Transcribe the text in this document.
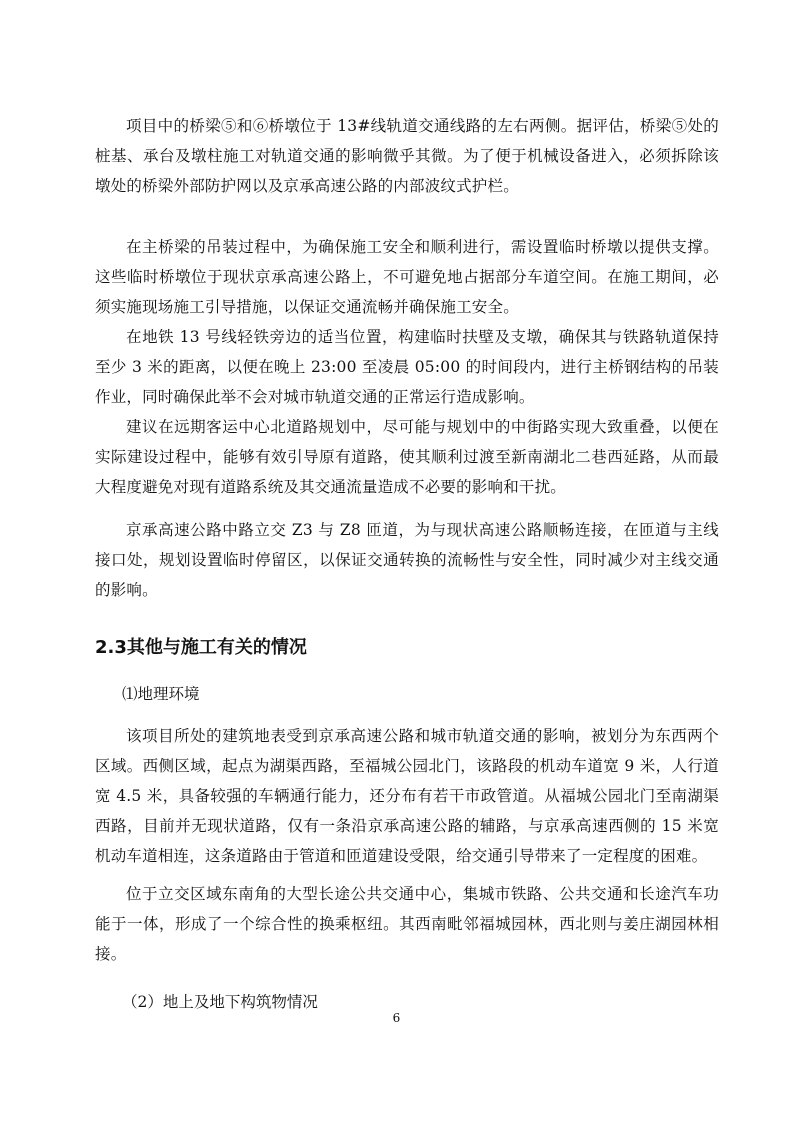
项目中的桥梁⑤和⑥桥墩位于 13#线轨道交通线路的左右两侧。据评估，桥梁⑤处的桩基、承台及墩柱施工对轨道交通的影响微乎其微。为了便于机械设备进入，必须拆除该墩处的桥梁外部防护网以及京承高速公路的内部波纹式护栏。

在主桥梁的吊装过程中，为确保施工安全和顺利进行，需设置临时桥墩以提供支撑。这些临时桥墩位于现状京承高速公路上，不可避免地占据部分车道空间。在施工期间，必须实施现场施工引导措施，以保证交通流畅并确保施工安全。

在地铁 13 号线轻铁旁边的适当位置，构建临时扶壁及支墩，确保其与铁路轨道保持至少 3 米的距离，以便在晚上 23:00 至凌晨 05:00 的时间段内，进行主桥钢结构的吊装作业，同时确保此举不会对城市轨道交通的正常运行造成影响。

建议在远期客运中心北道路规划中，尽可能与规划中的中街路实现大致重叠，以便在实际建设过程中，能够有效引导原有道路，使其顺利过渡至新南湖北二巷西延路，从而最大程度避免对现有道路系统及其交通流量造成不必要的影响和干扰。

京承高速公路中路立交 Z3 与 Z8 匝道，为与现状高速公路顺畅连接，在匝道与主线接口处，规划设置临时停留区，以保证交通转换的流畅性与安全性，同时减少对主线交通的影响。

2.3其他与施工有关的情况

⑴地理环境

该项目所处的建筑地表受到京承高速公路和城市轨道交通的影响，被划分为东西两个区域。西侧区域，起点为湖渠西路，至福城公园北门，该路段的机动车道宽 9 米，人行道宽 4.5 米，具备较强的车辆通行能力，还分布有若干市政管道。从福城公园北门至南湖渠西路，目前并无现状道路，仅有一条沿京承高速公路的辅路，与京承高速西侧的 15 米宽机动车道相连，这条道路由于管道和匝道建设受限，给交通引导带来了一定程度的困难。

位于立交区域东南角的大型长途公共交通中心，集城市铁路、公共交通和长途汽车功能于一体，形成了一个综合性的换乘枢纽。其西南毗邻福城园林，西北则与姜庄湖园林相接。

（2）地上及地下构筑物情况

6
